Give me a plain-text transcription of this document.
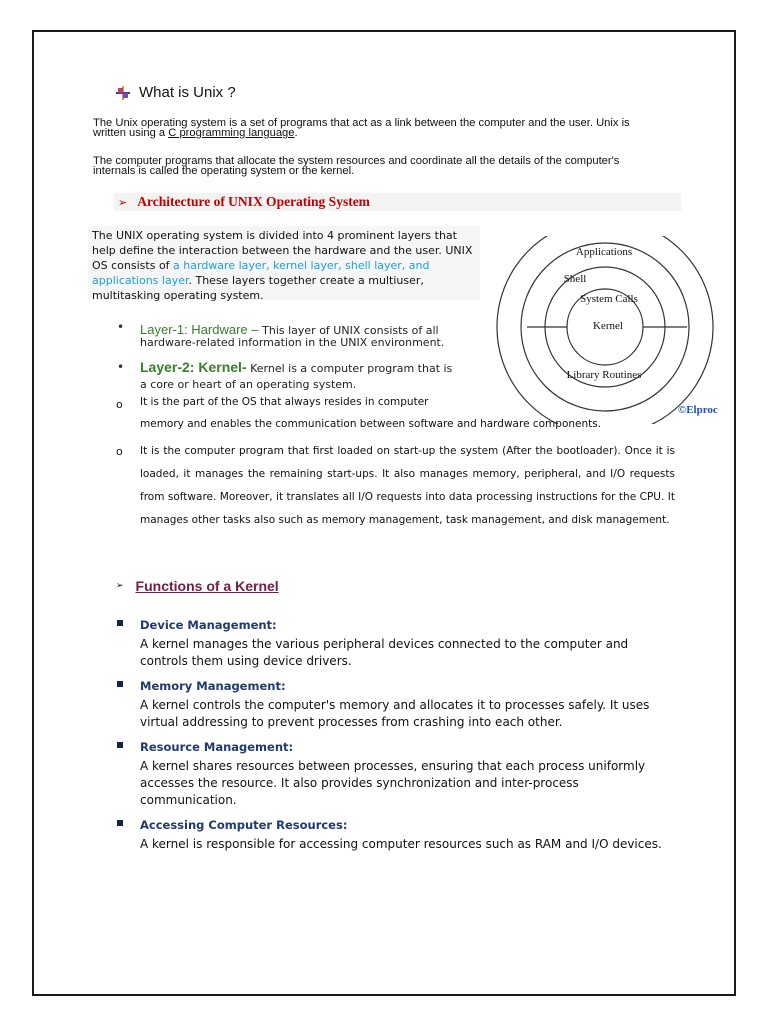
What is Unix ?
The Unix operating system is a set of programs that act as a link between the computer and the user. Unix is written using a C programming language.
The computer programs that allocate the system resources and coordinate all the details of the computer's internals is called the operating system or the kernel.
➢ Architecture of UNIX Operating System
The UNIX operating system is divided into 4 prominent layers that help define the interaction between the hardware and the user. UNIX OS consists of a hardware layer, kernel layer, shell layer, and applications layer. These layers together create a multiuser, multitasking operating system.
Applications
Shell
System Calls
Kernel
Library Routines
©Elproc
• Layer-1: Hardware – This layer of UNIX consists of all
hardware-related information in the UNIX environment.
• Layer-2: Kernel- Kernel is a computer program that is
a core or heart of an operating system.
o It is the part of the OS that always resides in computer
memory and enables the communication between software and hardware components.
o It is the computer program that first loaded on start-up the system (After the bootloader). Once it is loaded, it manages the remaining start-ups. It also manages memory, peripheral, and I/O requests from software. Moreover, it translates all I/O requests into data processing instructions for the CPU. It manages other tasks also such as memory management, task management, and disk management.
➢ Functions of a Kernel
Device Management:
A kernel manages the various peripheral devices connected to the computer and controls them using device drivers.
Memory Management:
A kernel controls the computer's memory and allocates it to processes safely. It uses virtual addressing to prevent processes from crashing into each other.
Resource Management:
A kernel shares resources between processes, ensuring that each process uniformly accesses the resource. It also provides synchronization and inter-process communication.
Accessing Computer Resources:
A kernel is responsible for accessing computer resources such as RAM and I/O devices.
